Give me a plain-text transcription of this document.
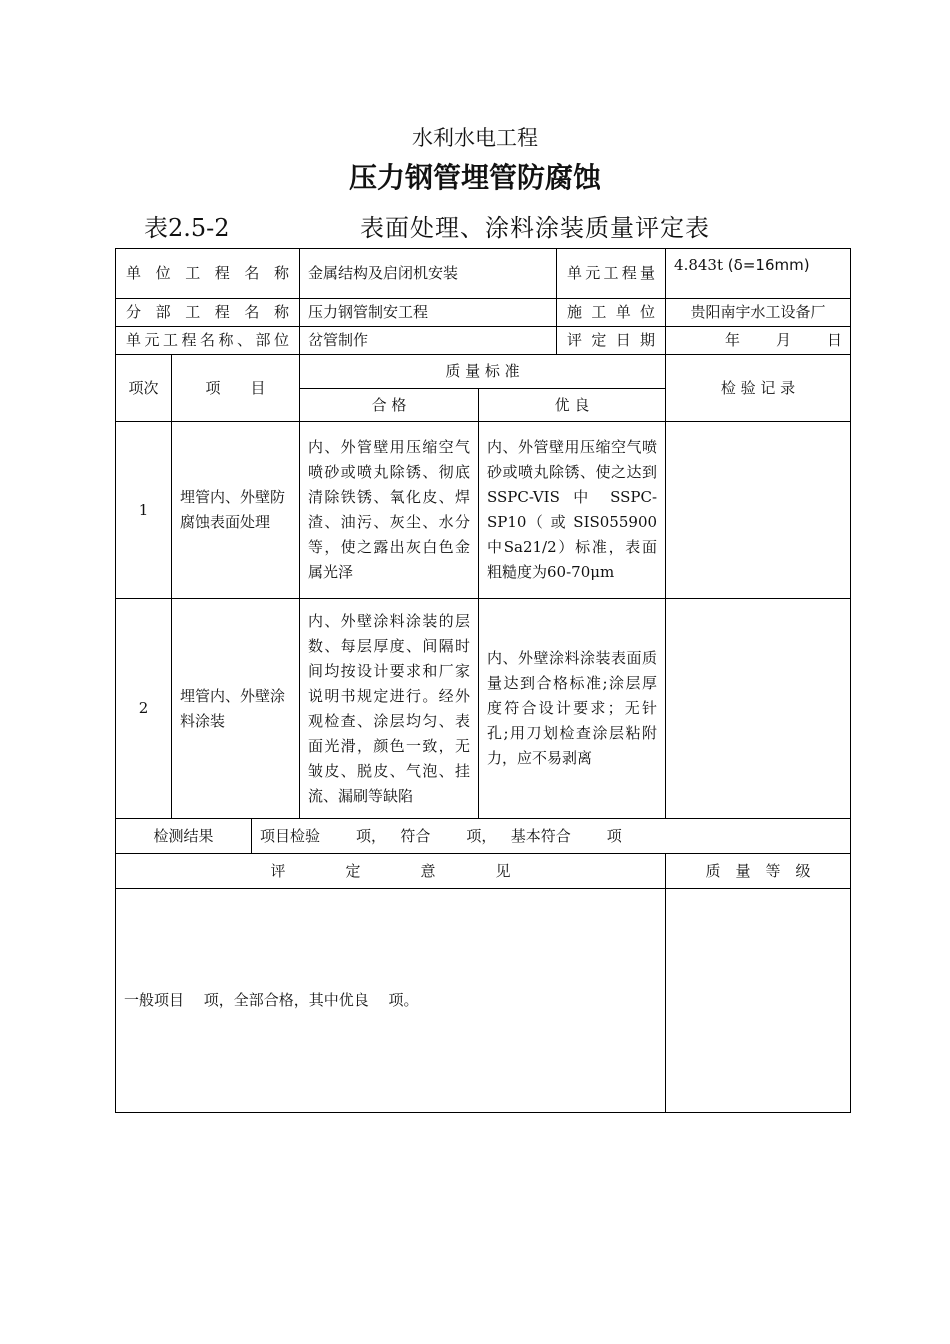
水利水电工程
压力钢管埋管防腐蚀
表2.5-2	表面处理、涂料涂装质量评定表
单位工程名称			金属结构及启闭机安装		单元工程量	4.843t (δ=16mm)
分部工程名称			压力钢管制安工程		施工单位	贵阳南宇水工设备厂
单元工程名称、部位			岔管制作		评定日期	年 月 日
项次	项　　目		质 量 标 准			检 验 记 录
			合 格	优 良		
1	埋管内、外壁防腐蚀表面处理		内、外管壁用压缩空气喷砂或喷丸除锈、彻底清除铁锈、氧化皮、焊渣、油污、灰尘、水分等，使之露出灰白色金属光泽	内、外管壁用压缩空气喷砂或喷丸除锈、使之达到SSPC-VIS 中 SSPC-SP10（ 或 SIS055900 中Sa21/2）标准，表面粗糙度为60-70μm		
2	埋管内、外壁涂料涂装		内、外壁涂料涂装的层数、每层厚度、间隔时间均按设计要求和厂家说明书规定进行。经外观检查、涂层均匀、表面光滑，颜色一致，无皱皮、脱皮、气泡、挂流、漏刷等缺陷	内、外壁涂料涂装表面质量达到合格标准;涂层厚度符合设计要求；无针孔;用刀划检查涂层粘附力，应不易剥离		
检测结果		项目检验 项， 符合 项， 基本符合 项				
评　　　　定　　　　意　　　　见						质　量　等　级
一般项目　 项，全部合格，其中优良　 项。						
